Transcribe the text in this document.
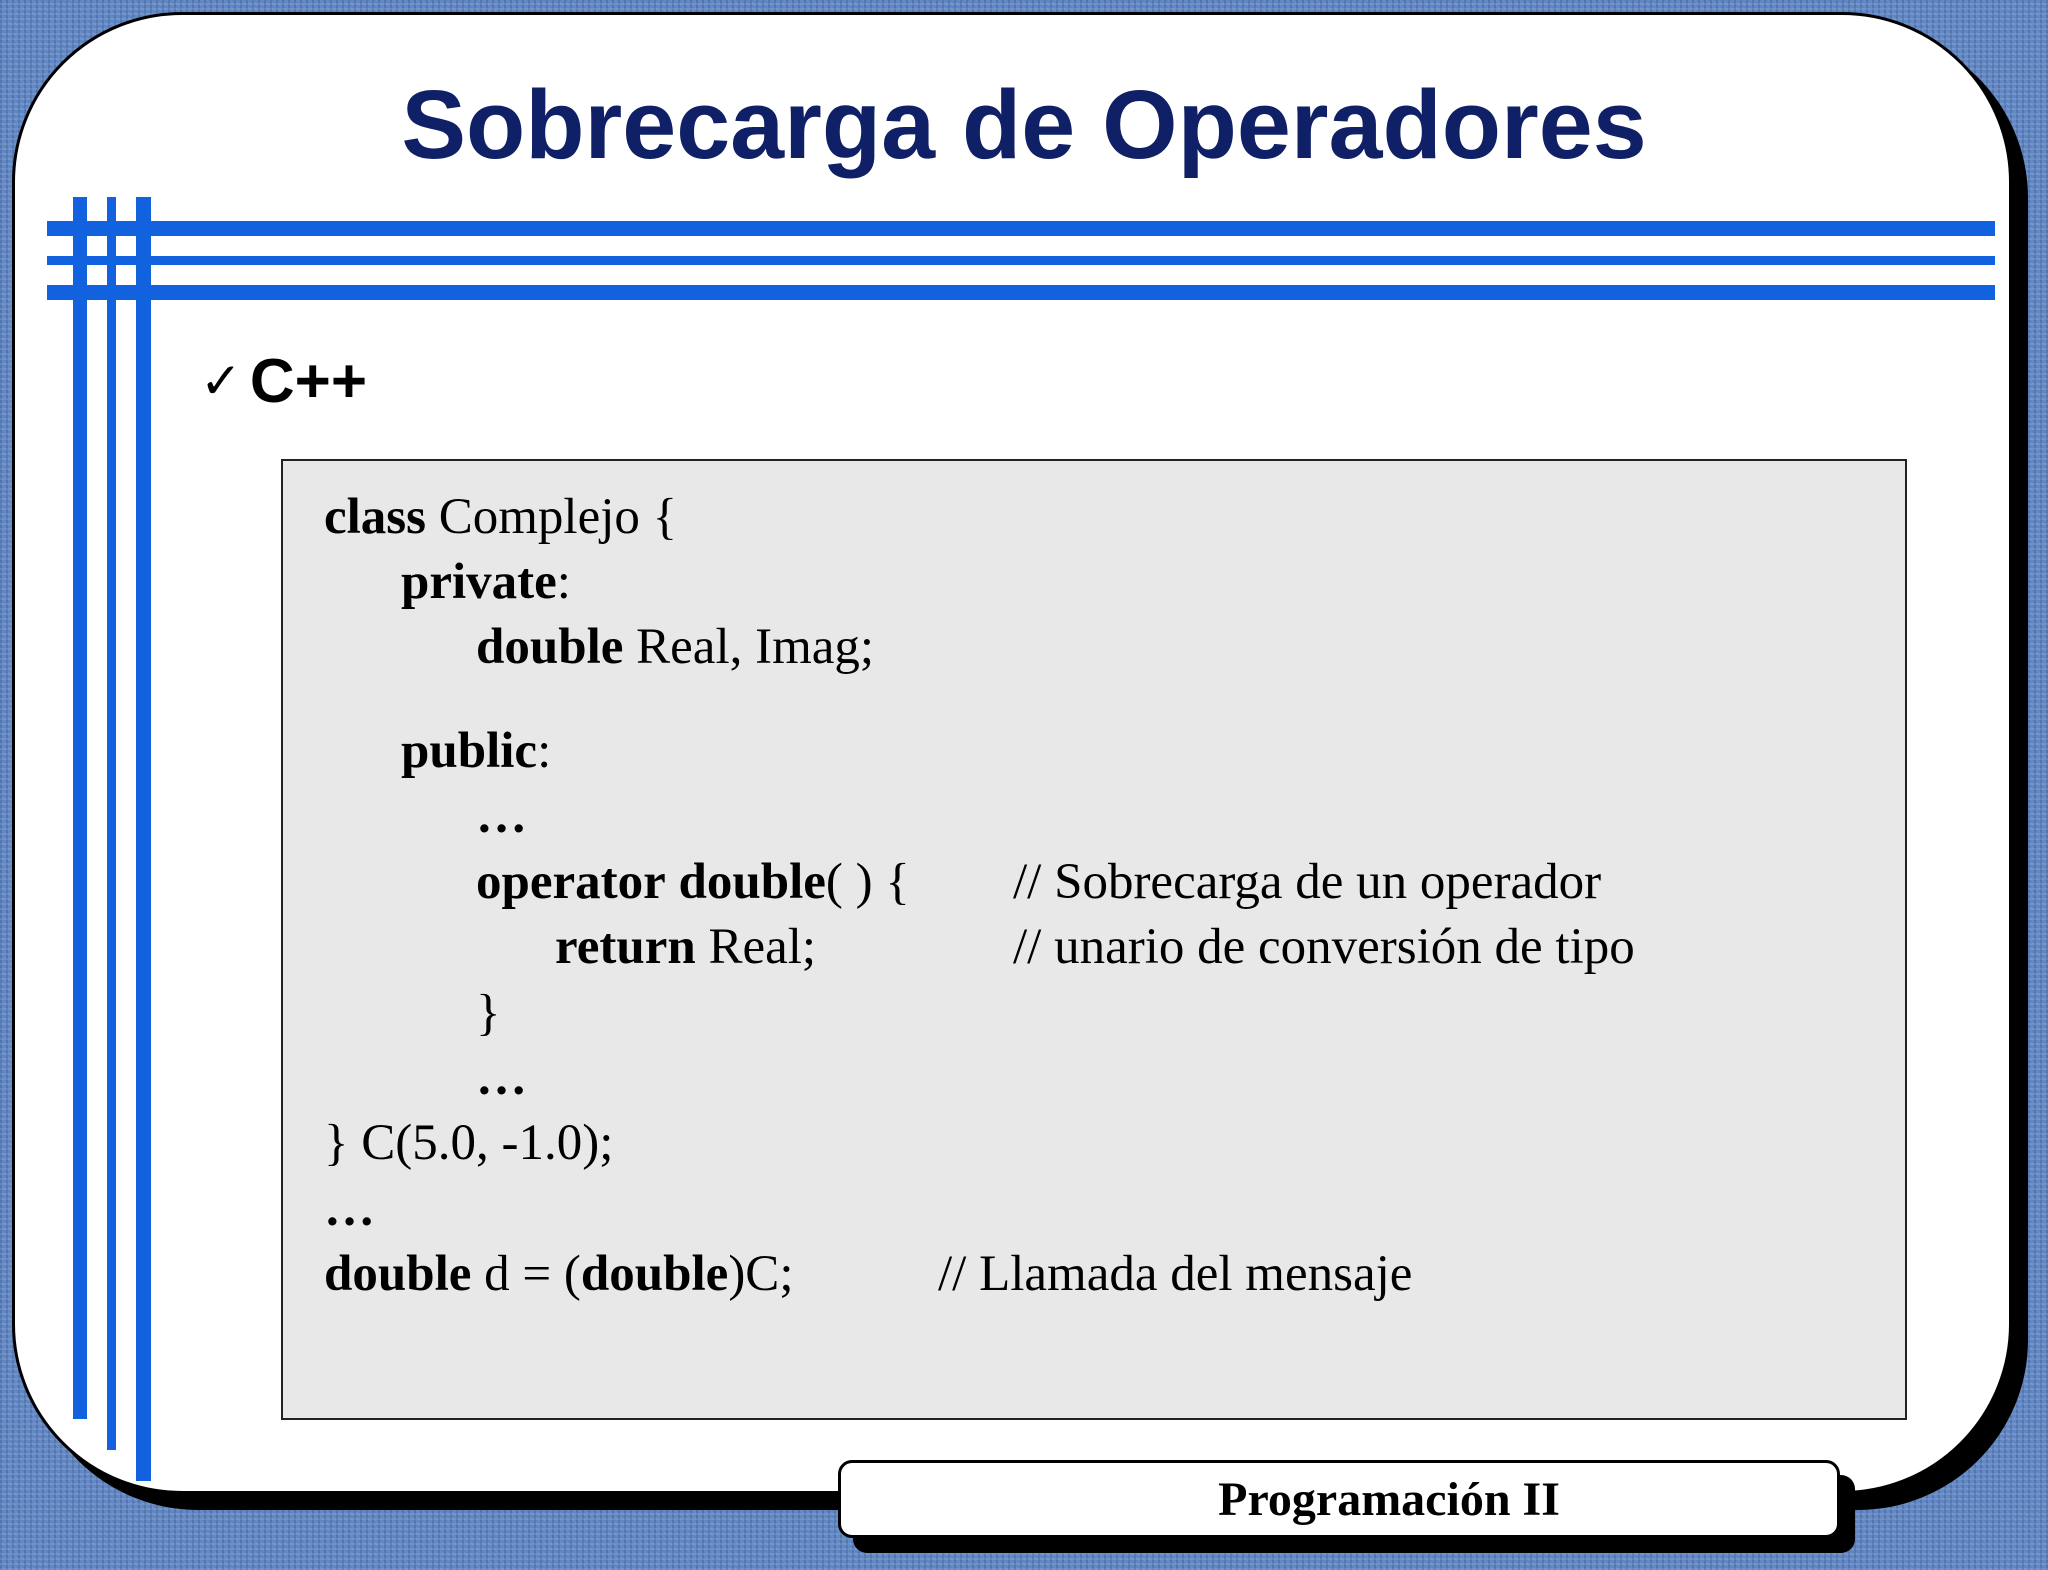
Sobrecarga de Operadores
✓ C++
class Complejo {
private:
double Real, Imag;
public:
…
operator double( ) { // Sobrecarga de un operador
return Real;	// unario de conversión de tipo
}
…
} C(5.0, -1.0);
…
double d = (double)C;	// Llamada del mensaje
Programación II
